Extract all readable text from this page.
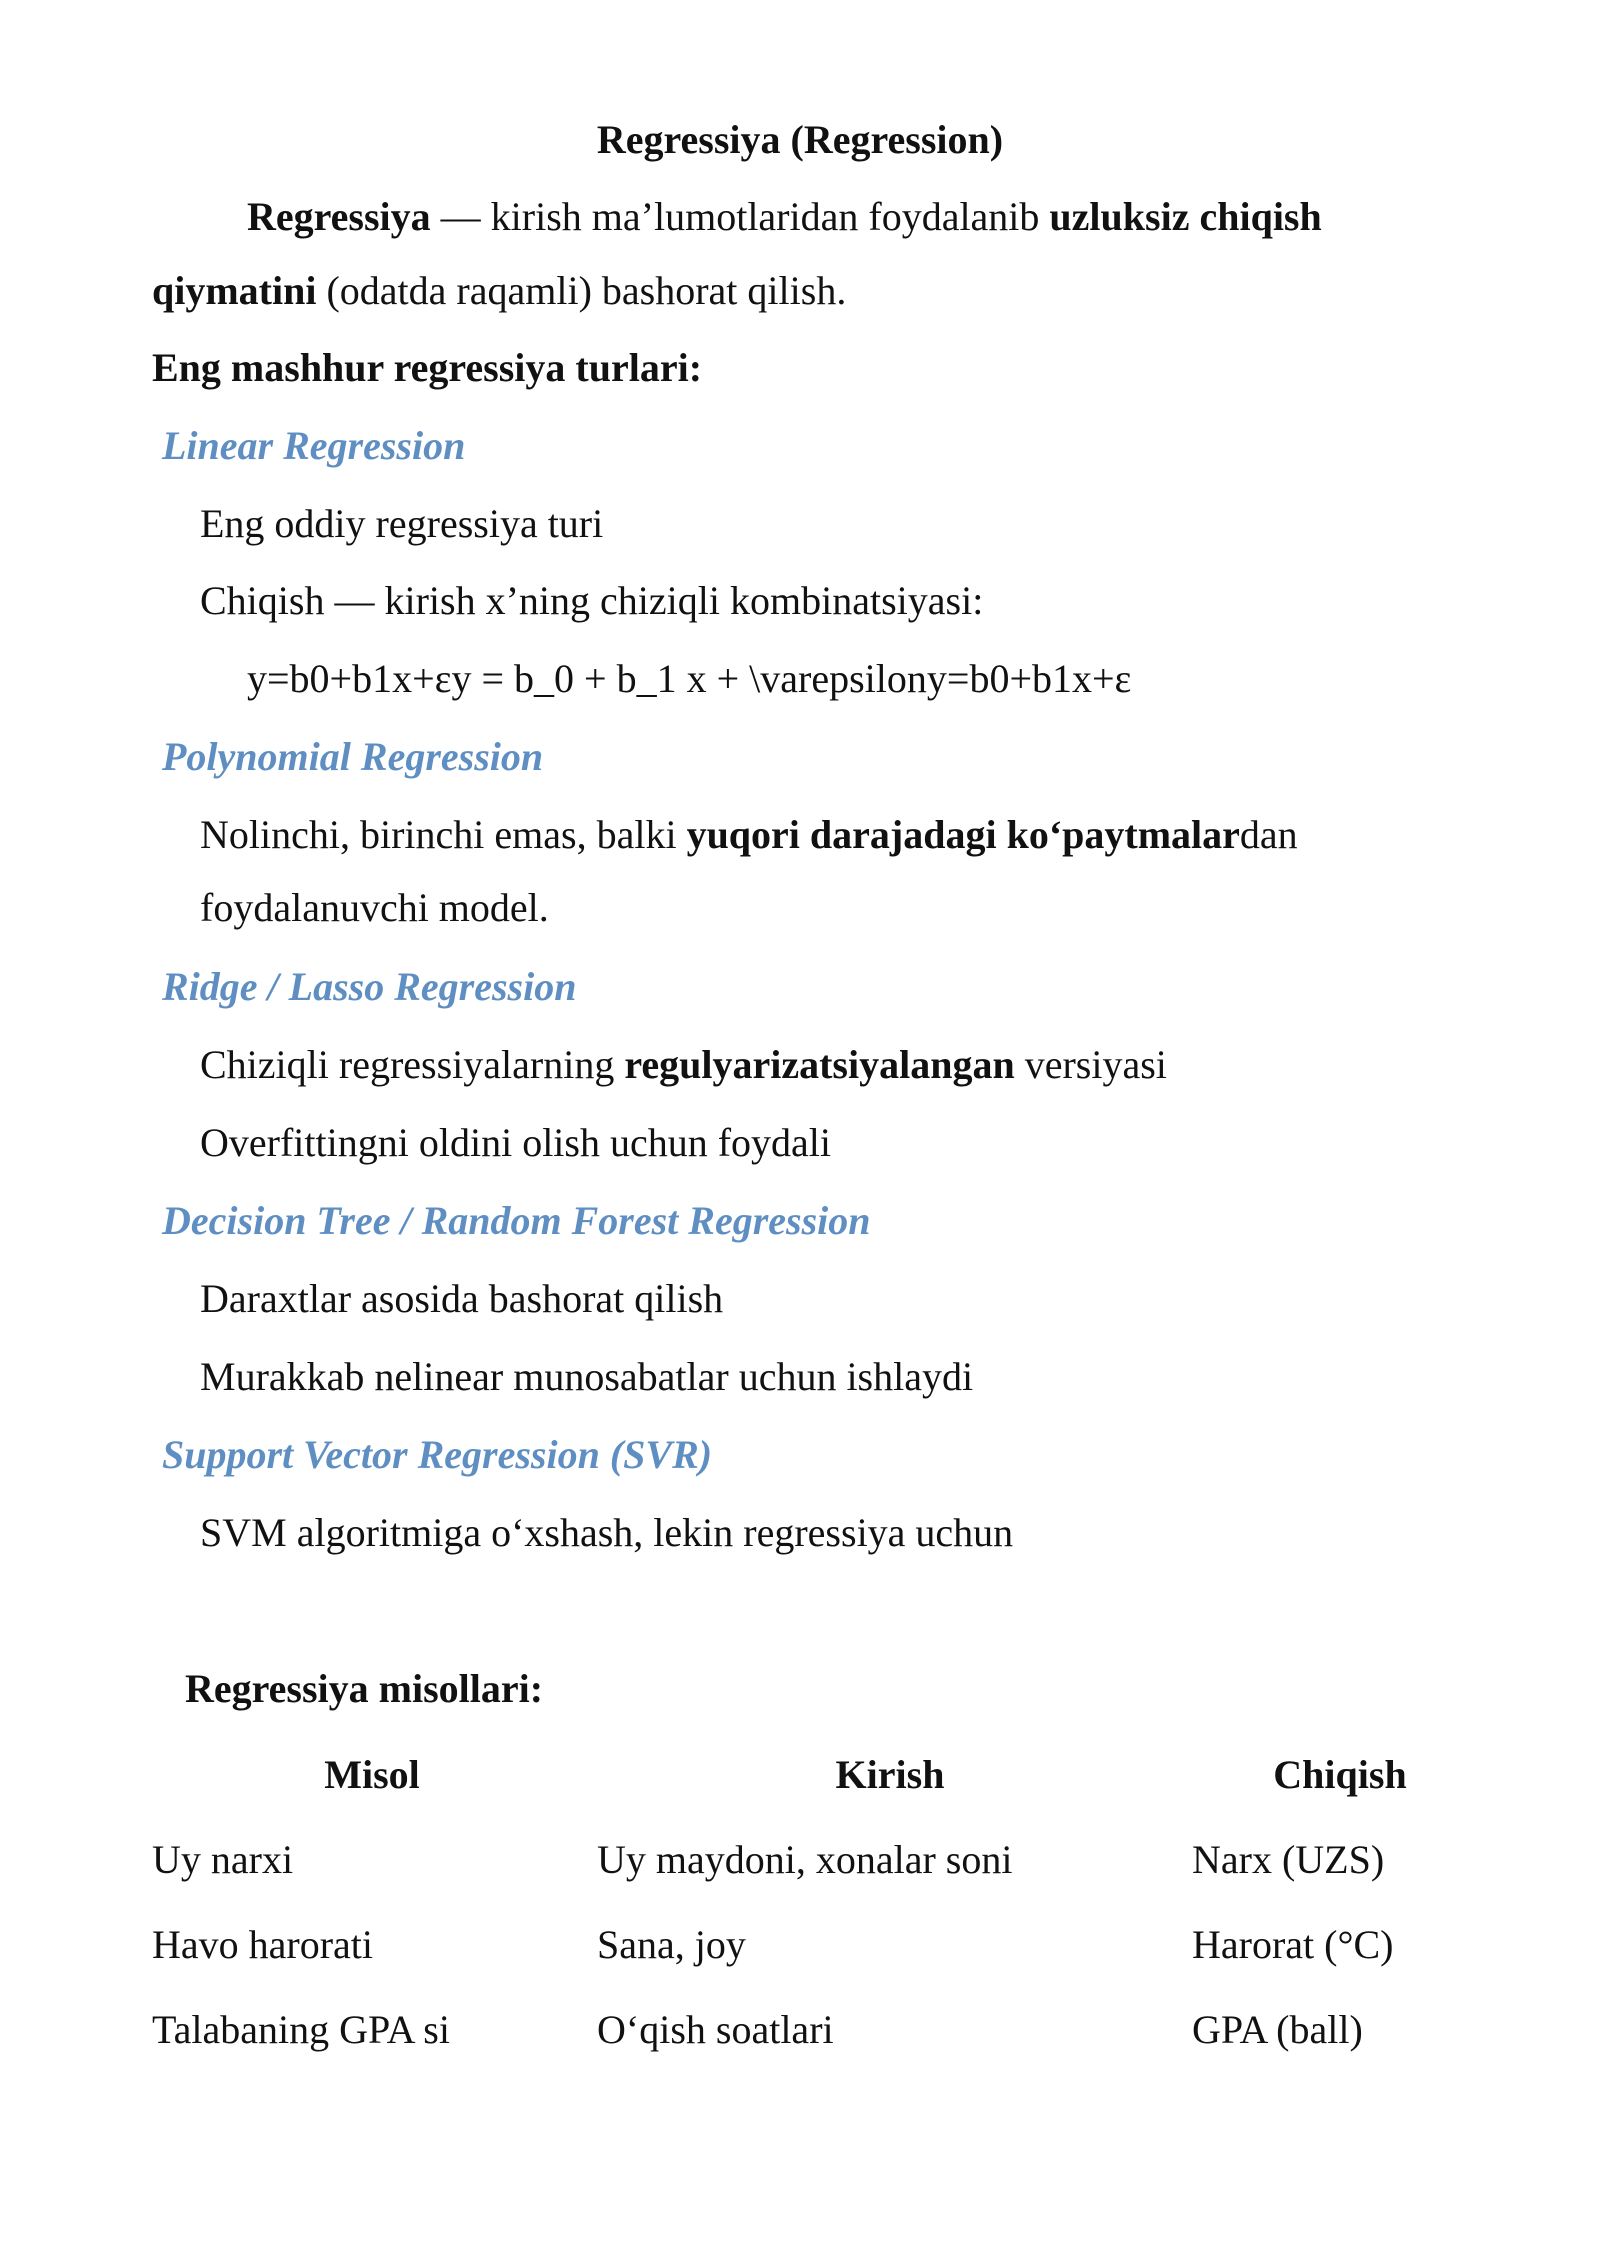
Regressiya (Regression)
Regressiya — kirish ma’lumotlaridan foydalanib uzluksiz chiqish
qiymatini (odatda raqamli) bashorat qilish.
Eng mashhur regressiya turlari:
Linear Regression
Eng oddiy regressiya turi
Chiqish — kirish x’ning chiziqli kombinatsiyasi:
y=b0+b1x+εy = b_0 + b_1 x + \varepsilony=b0+b1x+ε
Polynomial Regression
Nolinchi, birinchi emas, balki yuqori darajadagi ko‘paytmalardan
foydalanuvchi model.
Ridge / Lasso Regression
Chiziqli regressiyalarning regulyarizatsiyalangan versiyasi
Overfittingni oldini olish uchun foydali
Decision Tree / Random Forest Regression
Daraxtlar asosida bashorat qilish
Murakkab nelinear munosabatlar uchun ishlaydi
Support Vector Regression (SVR)
SVM algoritmiga o‘xshash, lekin regressiya uchun
Regressiya misollari:
Misol	Kirish	Chiqish
Uy narxi	Uy maydoni, xonalar soni	Narx (UZS)
Havo harorati	Sana, joy	Harorat (°C)
Talabaning GPA si	O‘qish soatlari	GPA (ball)
